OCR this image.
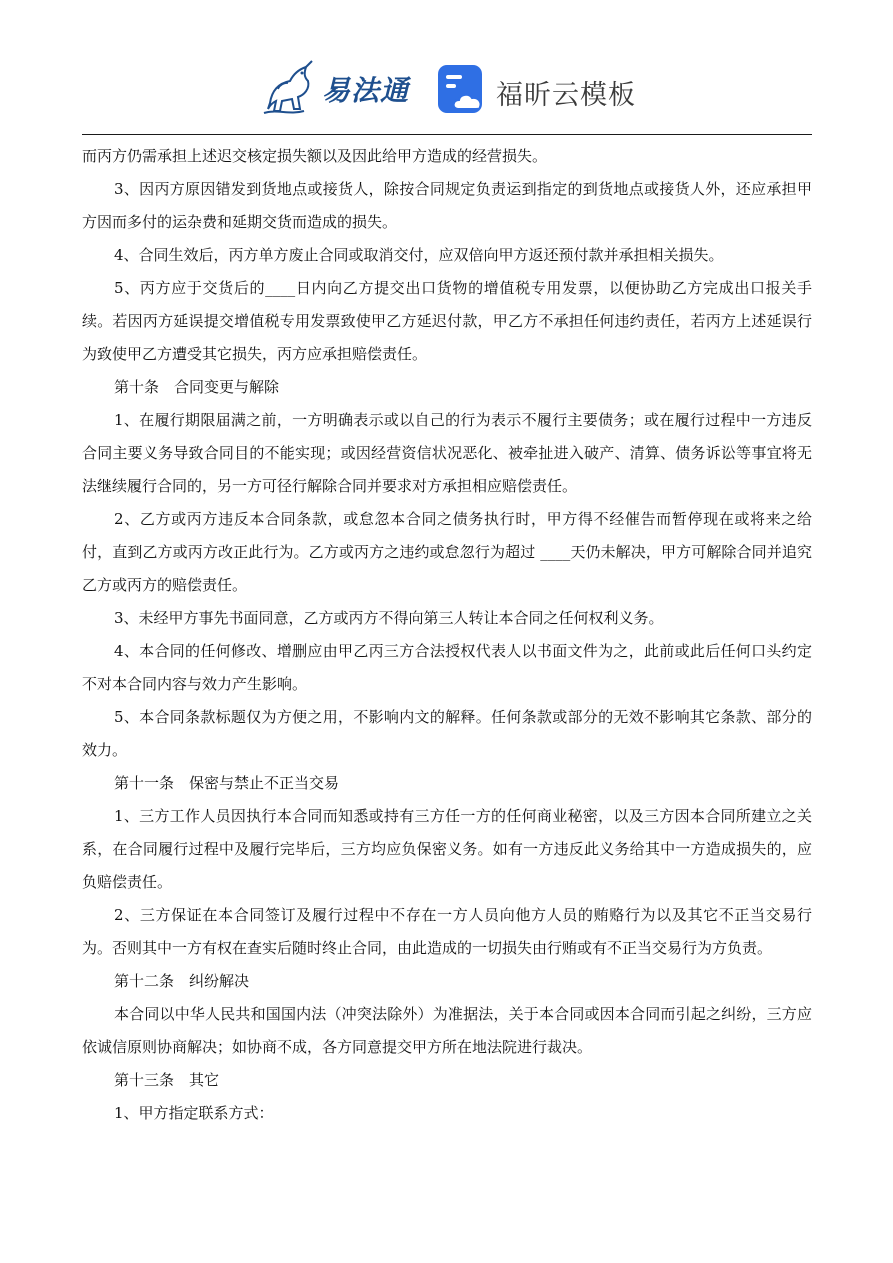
易法通	福昕云模板

而丙方仍需承担上述迟交核定损失额以及因此给甲方造成的经营损失。

3、因丙方原因错发到货地点或接货人，除按合同规定负责运到指定的到货地点或接货人外，还应承担甲方因而多付的运杂费和延期交货而造成的损失。

4、合同生效后，丙方单方废止合同或取消交付，应双倍向甲方返还预付款并承担相关损失。

5、丙方应于交货后的____日内向乙方提交出口货物的增值税专用发票，以便协助乙方完成出口报关手续。若因丙方延误提交增值税专用发票致使甲乙方延迟付款，甲乙方不承担任何违约责任，若丙方上述延误行为致使甲乙方遭受其它损失，丙方应承担赔偿责任。

第十条　合同变更与解除

1、在履行期限届满之前，一方明确表示或以自己的行为表示不履行主要债务；或在履行过程中一方违反合同主要义务导致合同目的不能实现；或因经营资信状况恶化、被牵扯进入破产、清算、债务诉讼等事宜将无法继续履行合同的，另一方可径行解除合同并要求对方承担相应赔偿责任。

2、乙方或丙方违反本合同条款，或怠忽本合同之债务执行时，甲方得不经催告而暂停现在或将来之给付，直到乙方或丙方改正此行为。乙方或丙方之违约或怠忽行为超过 ____天仍未解决，甲方可解除合同并追究乙方或丙方的赔偿责任。

3、未经甲方事先书面同意，乙方或丙方不得向第三人转让本合同之任何权利义务。

4、本合同的任何修改、增删应由甲乙丙三方合法授权代表人以书面文件为之，此前或此后任何口头约定不对本合同内容与效力产生影响。

5、本合同条款标题仅为方便之用，不影响内文的解释。任何条款或部分的无效不影响其它条款、部分的效力。

第十一条　保密与禁止不正当交易

1、三方工作人员因执行本合同而知悉或持有三方任一方的任何商业秘密，以及三方因本合同所建立之关系，在合同履行过程中及履行完毕后，三方均应负保密义务。如有一方违反此义务给其中一方造成损失的，应负赔偿责任。

2、三方保证在本合同签订及履行过程中不存在一方人员向他方人员的贿赂行为以及其它不正当交易行为。否则其中一方有权在查实后随时终止合同，由此造成的一切损失由行贿或有不正当交易行为方负责。

第十二条　纠纷解决

本合同以中华人民共和国国内法（冲突法除外）为准据法，关于本合同或因本合同而引起之纠纷，三方应依诚信原则协商解决；如协商不成，各方同意提交甲方所在地法院进行裁决。

第十三条　其它

1、甲方指定联系方式：
